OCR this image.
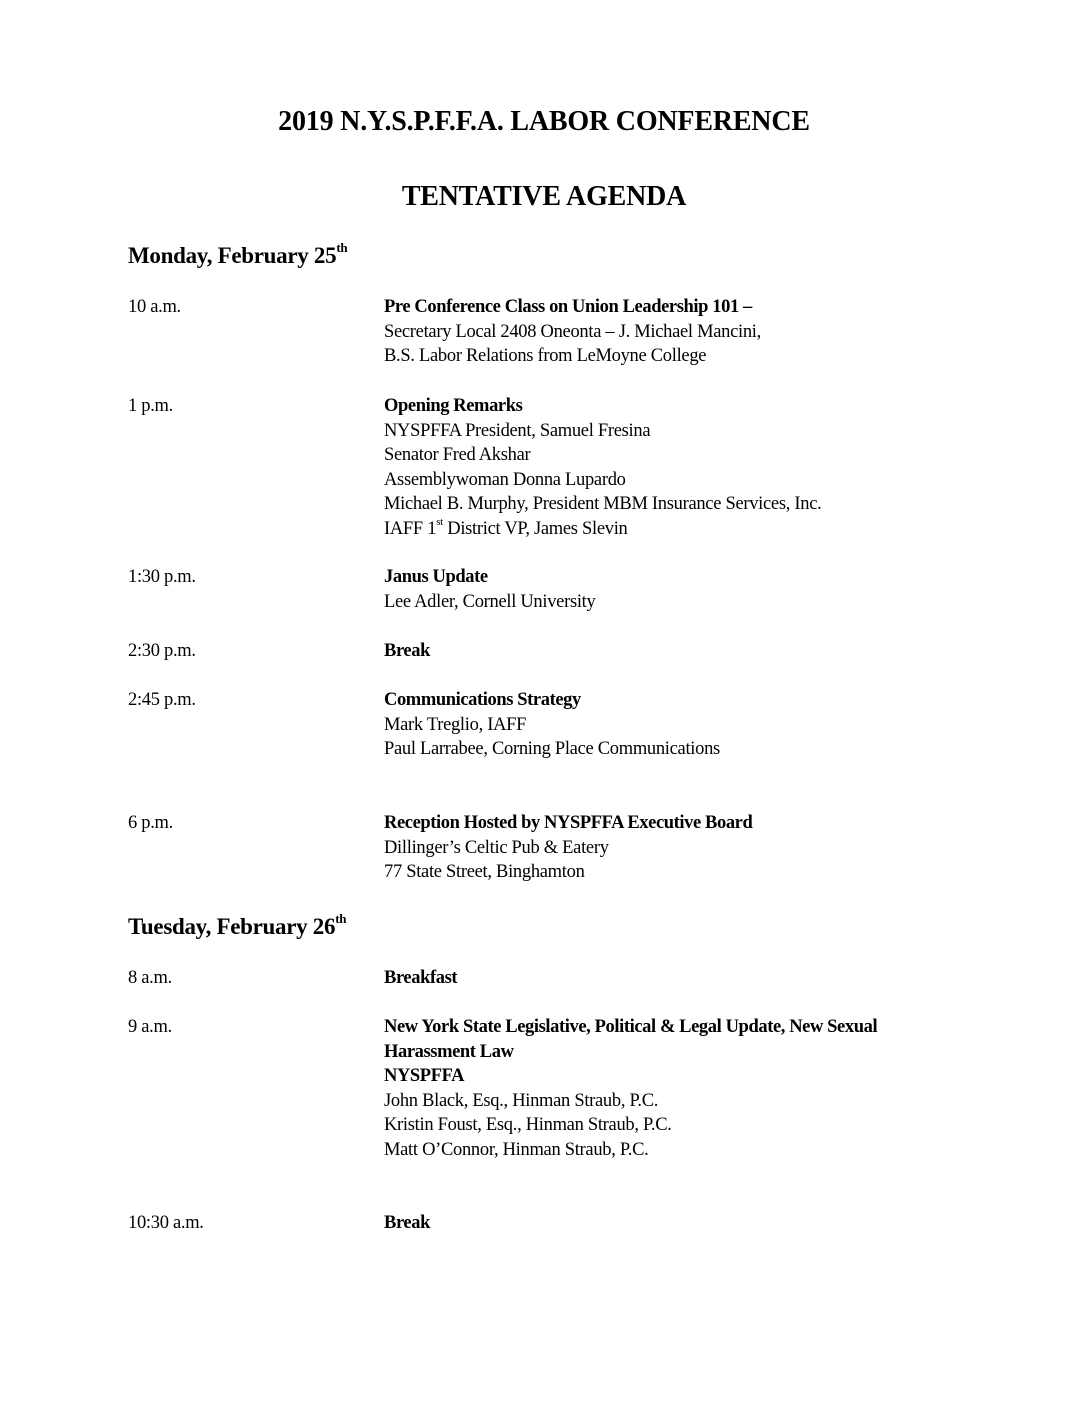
2019 N.Y.S.P.F.F.A. LABOR CONFERENCE
TENTATIVE AGENDA
Monday, February 25th
10 a.m.	Pre Conference Class on Union Leadership 101 –
Secretary Local 2408 Oneonta – J. Michael Mancini,
B.S. Labor Relations from LeMoyne College
1 p.m.	Opening Remarks
NYSPFFA President, Samuel Fresina
Senator Fred Akshar
Assemblywoman Donna Lupardo
Michael B. Murphy, President MBM Insurance Services, Inc.
IAFF 1st District VP, James Slevin
1:30 p.m.	Janus Update
Lee Adler, Cornell University
2:30 p.m.	Break
2:45 p.m.	Communications Strategy
Mark Treglio, IAFF
Paul Larrabee, Corning Place Communications
6 p.m.	Reception Hosted by NYSPFFA Executive Board
Dillinger’s Celtic Pub & Eatery
77 State Street, Binghamton
Tuesday, February 26th
8 a.m.	Breakfast
9 a.m.	New York State Legislative, Political & Legal Update, New Sexual Harassment Law
NYSPFFA
John Black, Esq., Hinman Straub, P.C.
Kristin Foust, Esq., Hinman Straub, P.C.
Matt O’Connor, Hinman Straub, P.C.
10:30 a.m.	Break
